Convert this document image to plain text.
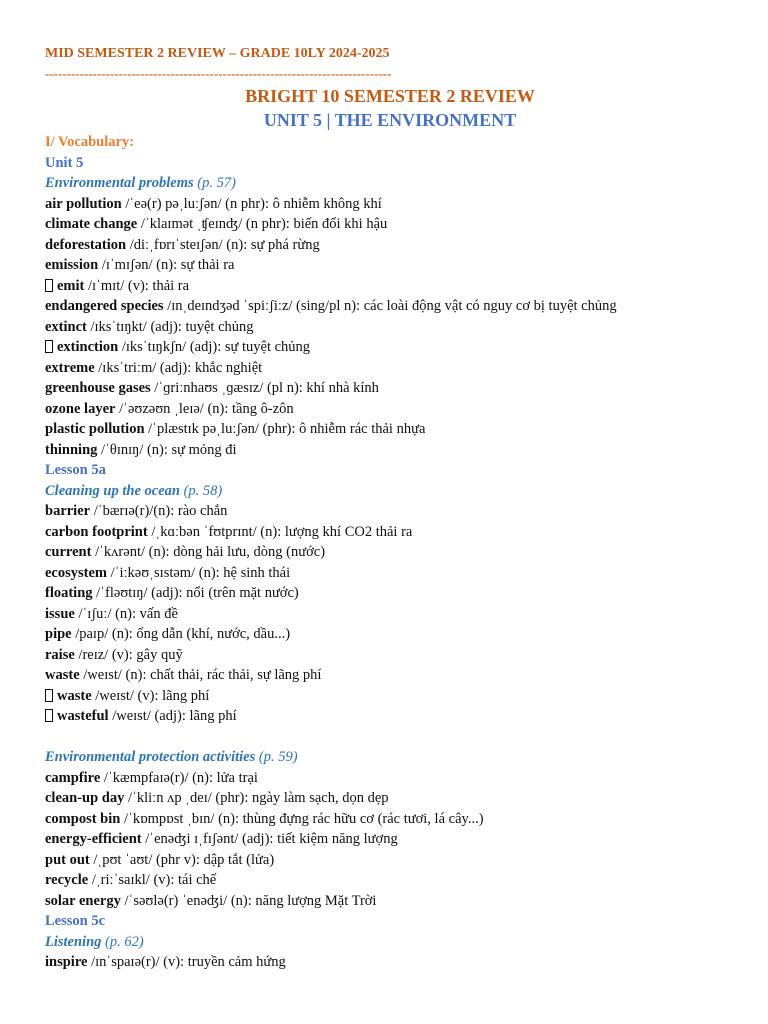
MID SEMESTER 2 REVIEW – GRADE 10LY 2024-2025
--------------------------------------------------------------------------------
BRIGHT 10 SEMESTER 2 REVIEW
UNIT 5 | THE ENVIRONMENT
I/ Vocabulary:
Unit 5
Environmental problems (p. 57)
air pollution /ˈeə(r) pəˌluːʃən/ (n phr): ô nhiễm không khí
climate change /ˈklaɪmət ˌʧeɪnʤ/ (n phr): biến đổi khi hậu
deforestation /diːˌfɒrɪˈsteɪʃən/ (n): sự phá rừng
emission /ɪˈmɪʃən/ (n): sự thải ra
emit /ɪˈmɪt/ (v): thải ra
endangered species /ɪnˌdeɪndʒəd ˈspiːʃiːz/ (sing/pl n): các loài động vật có nguy cơ bị tuyệt chủng
extinct /ɪksˈtɪŋkt/ (adj): tuyệt chủng
extinction /ɪksˈtɪŋkʃn/ (adj): sự tuyệt chủng
extreme /ɪksˈtriːm/ (adj): khắc nghiệt
greenhouse gases /ˈɡriːnhaʊs ˌɡæsɪz/ (pl n): khí nhà kính
ozone layer /ˈəʊzəʊn ˌleɪə/ (n): tầng ô-zôn
plastic pollution /ˈplæstɪk pəˌluːʃən/ (phr): ô nhiễm rác thải nhựa
thinning /ˈθɪnɪŋ/ (n): sự mỏng đi
Lesson 5a
Cleaning up the ocean (p. 58)
barrier /ˈbærɪə(r)/(n): rào chắn
carbon footprint /ˌkɑːbən ˈfʊtprɪnt/ (n): lượng khí CO2 thải ra
current /ˈkʌrənt/ (n): dòng hải lưu, dòng (nước)
ecosystem /ˈiːkəʊˌsɪstəm/ (n): hệ sinh thái
floating /ˈfləʊtɪŋ/ (adj): nổi (trên mặt nước)
issue /ˈɪʃuː/ (n): vấn đề
pipe /paɪp/ (n): ống dẫn (khí, nước, dầu...)
raise /reɪz/ (v): gây quỹ
waste /weɪst/ (n): chất thải, rác thải, sự lãng phí
waste /weɪst/ (v): lãng phí
wasteful /weɪst/ (adj): lãng phí
Environmental protection activities (p. 59)
campfire /ˈkæmpfaɪə(r)/ (n): lửa trại
clean-up day /ˈkliːn ʌp ˌdeɪ/ (phr): ngày làm sạch, dọn dẹp
compost bin /ˈkɒmpɒst ˌbɪn/ (n): thùng đựng rác hữu cơ (rác tươi, lá cây...)
energy-efficient /ˈenəʤi ɪˌfɪʃənt/ (adj): tiết kiệm năng lượng
put out /ˌpʊt ˈaʊt/ (phr v): dập tắt (lửa)
recycle /ˌriːˈsaɪkl/ (v): tái chế
solar energy /ˈsəʊlə(r) ˈenəʤi/ (n): năng lượng Mặt Trời
Lesson 5c
Listening (p. 62)
inspire /ɪnˈspaɪə(r)/ (v): truyền cảm hứng
